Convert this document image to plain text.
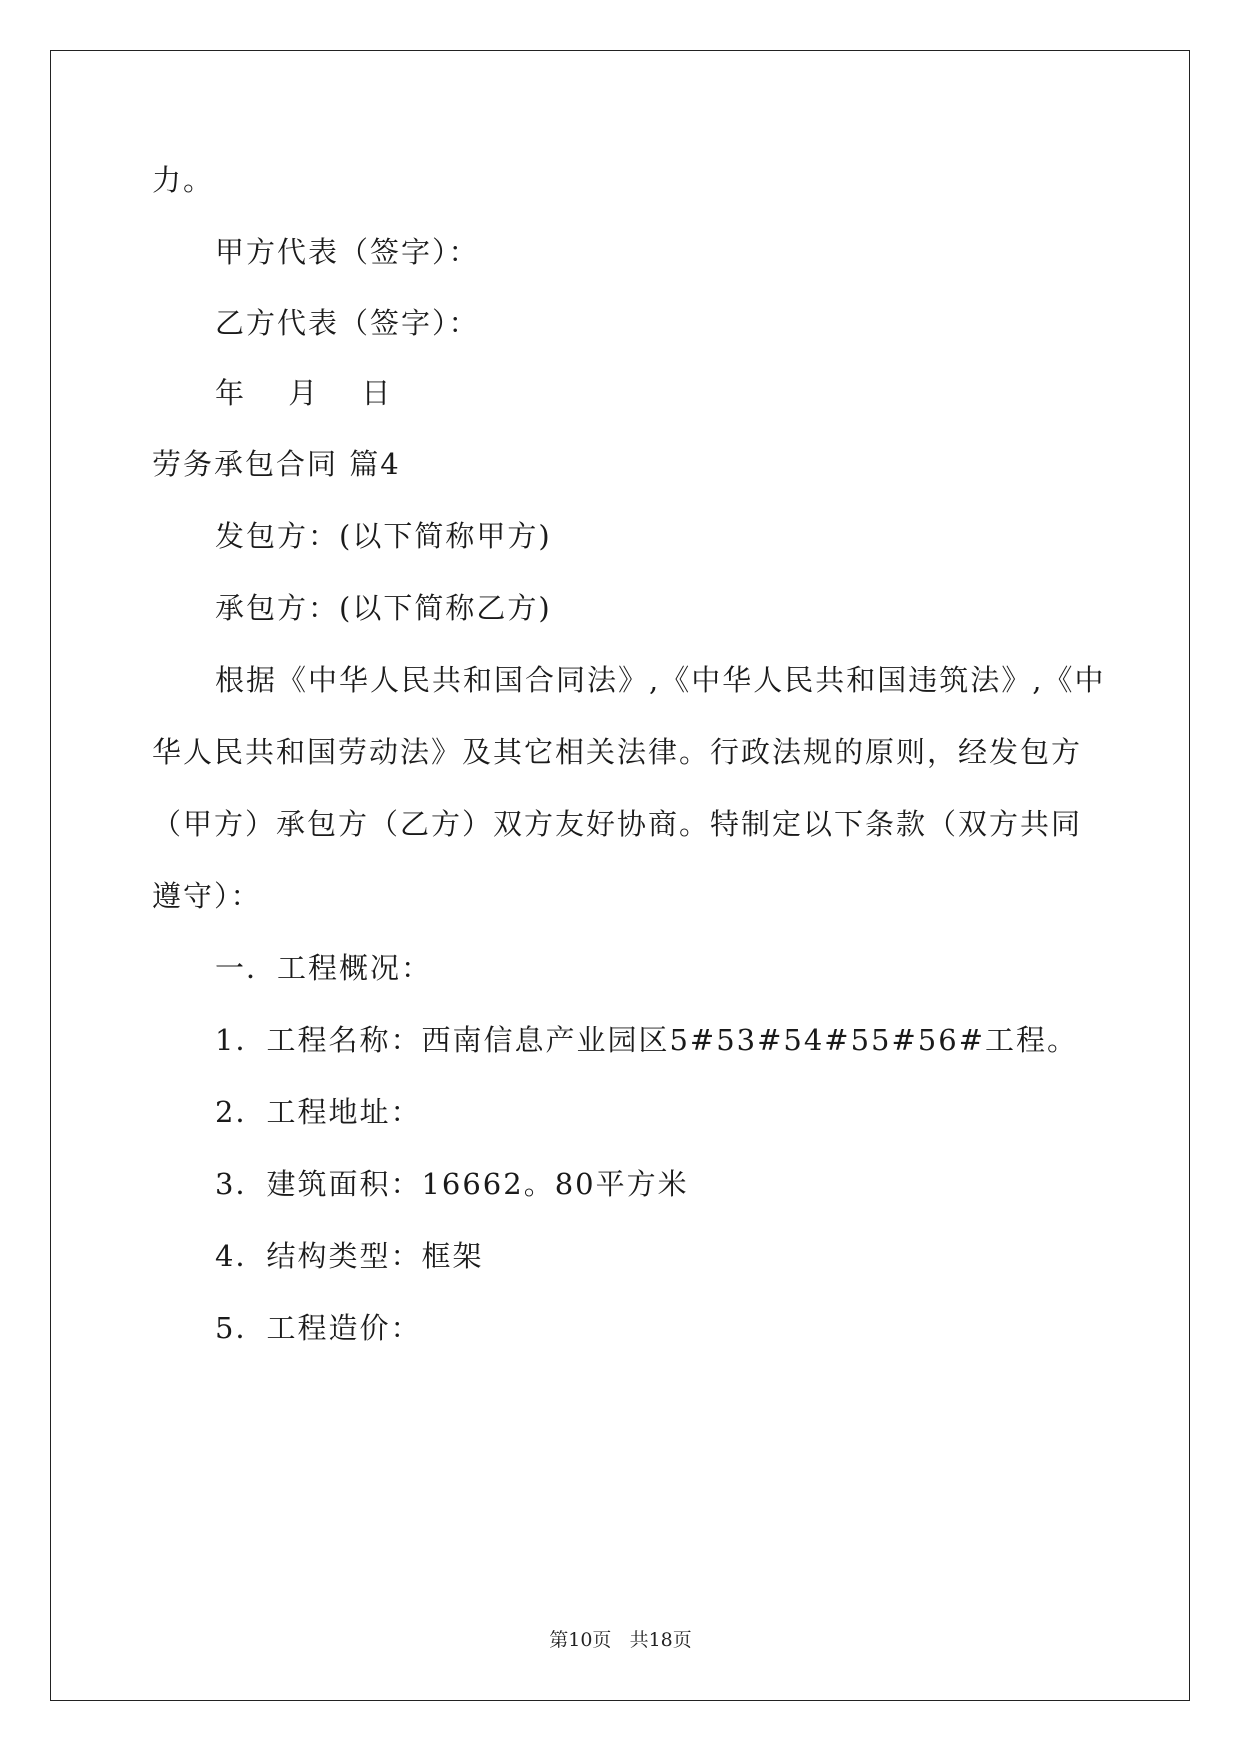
力。
甲方代表（签字）：
乙方代表（签字）：
年　 月　 日
劳务承包合同 篇4
发包方：(以下简称甲方)
承包方：(以下简称乙方)
根据《中华人民共和国合同法》,《中华人民共和国违筑法》,《中
华人民共和国劳动法》及其它相关法律。行政法规的原则，经发包方
（甲方）承包方（乙方）双方友好协商。特制定以下条款（双方共同
遵守）：
一．工程概况：
1．工程名称：西南信息产业园区5#53#54#55#56#工程。
2．工程地址：
3．建筑面积：16662。80平方米
4．结构类型：框架
5．工程造价：
第10页 共18页
